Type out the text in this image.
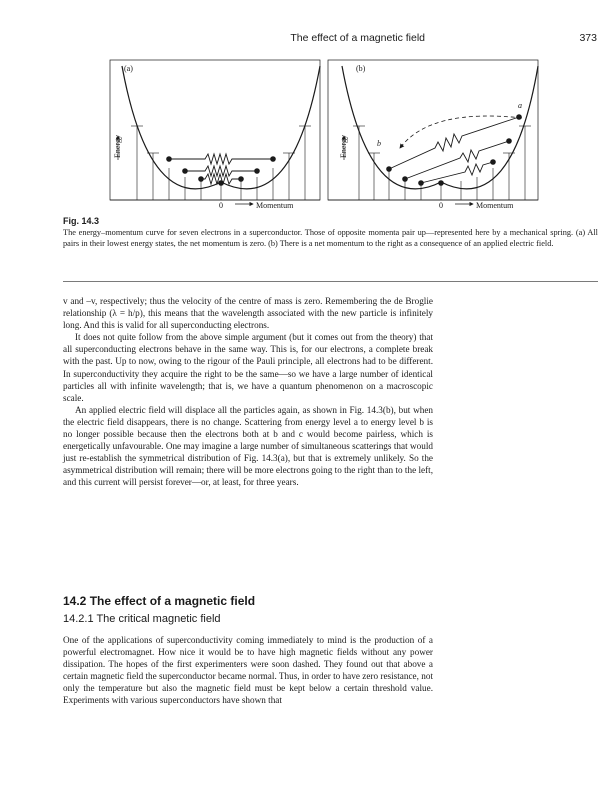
The effect of a magnetic field	373
(a)
Energy
0	Momentum
(b)
Energy
a
b
0	Momentum
Fig. 14.3
The energy–momentum curve for seven electrons in a superconductor. Those of opposite momenta pair up—represented here by a mechanical spring. (a) All pairs in their lowest energy states, the net momentum is zero. (b) There is a net momentum to the right as a consequence of an applied electric field.

v and –v, respectively; thus the velocity of the centre of mass is zero. Remembering the de Broglie relationship (λ = h/p), this means that the wavelength associated with the new particle is infinitely long. And this is valid for all superconducting electrons.

It does not quite follow from the above simple argument (but it comes out from the theory) that all superconducting electrons behave in the same way. This is, for our electrons, a complete break with the past. Up to now, owing to the rigour of the Pauli principle, all electrons had to be different. In superconductivity they acquire the right to be the same—so we have a large number of identical particles all with infinite wavelength; that is, we have a quantum phenomenon on a macroscopic scale.

An applied electric field will displace all the particles again, as shown in Fig. 14.3(b), but when the electric field disappears, there is no change. Scattering from energy level a to energy level b is no longer possible because then the electrons both at b and c would become pairless, which is energetically unfavourable. One may imagine a large number of simultaneous scatterings that would just re-establish the symmetrical distribution of Fig. 14.3(a), but that is extremely unlikely. So the asymmetrical distribution will remain; there will be more electrons going to the right than to the left, and this current will persist forever—or, at least, for three years.

14.2 The effect of a magnetic field
14.2.1 The critical magnetic field

One of the applications of superconductivity coming immediately to mind is the production of a powerful electromagnet. How nice it would be to have high magnetic fields without any power dissipation. The hopes of the first experimenters were soon dashed. They found out that above a certain magnetic field the superconductor became normal. Thus, in order to have zero resistance, not only the temperature but also the magnetic field must be kept below a certain threshold value. Experiments with various superconductors have shown that
